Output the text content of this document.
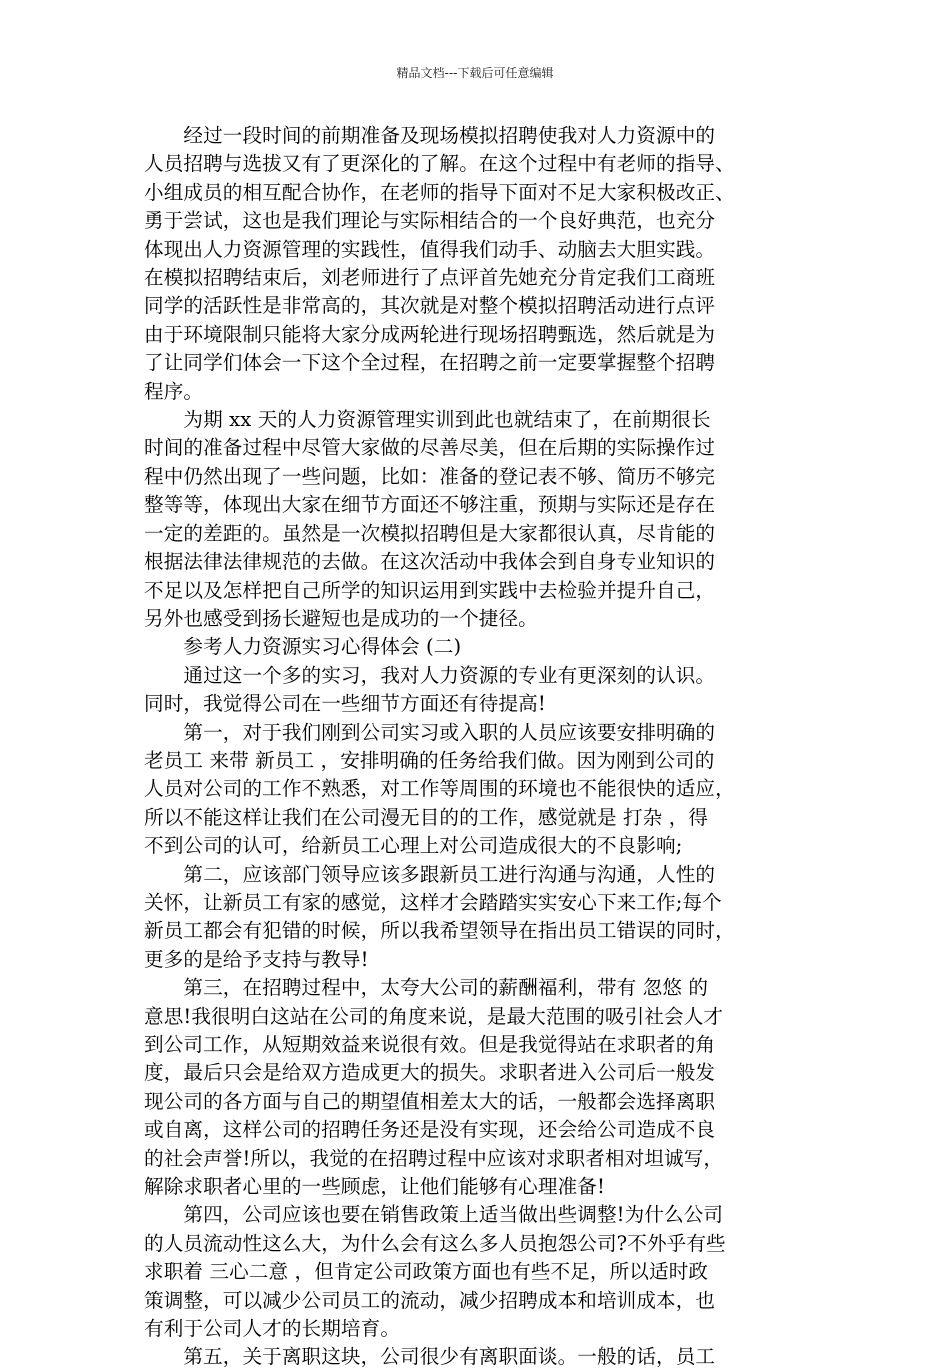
精品文档---下载后可任意编辑
　　经过一段时间的前期准备及现场模拟招聘使我对人力资源中的
人员招聘与选拔又有了更深化的了解。在这个过程中有老师的指导、
小组成员的相互配合协作，在老师的指导下面对不足大家积极改正、
勇于尝试，这也是我们理论与实际相结合的一个良好典范，也充分
体现出人力资源管理的实践性，值得我们动手、动脑去大胆实践。
在模拟招聘结束后，刘老师进行了点评首先她充分肯定我们工商班
同学的活跃性是非常高的，其次就是对整个模拟招聘活动进行点评
由于环境限制只能将大家分成两轮进行现场招聘甄选，然后就是为
了让同学们体会一下这个全过程，在招聘之前一定要掌握整个招聘
程序。
　　为期 xx 天的人力资源管理实训到此也就结束了，在前期很长
时间的准备过程中尽管大家做的尽善尽美，但在后期的实际操作过
程中仍然出现了一些问题，比如：准备的登记表不够、简历不够完
整等等，体现出大家在细节方面还不够注重，预期与实际还是存在
一定的差距的。虽然是一次模拟招聘但是大家都很认真，尽肯能的
根据法律法律规范的去做。在这次活动中我体会到自身专业知识的
不足以及怎样把自己所学的知识运用到实践中去检验并提升自己，
另外也感受到扬长避短也是成功的一个捷径。
　　参考人力资源实习心得体会 (二)
　　通过这一个多的实习，我对人力资源的专业有更深刻的认识。
同时，我觉得公司在一些细节方面还有待提高!
　　第一，对于我们刚到公司实习或入职的人员应该要安排明确的
老员工 来带 新员工 ，安排明确的任务给我们做。因为刚到公司的
人员对公司的工作不熟悉，对工作等周围的环境也不能很快的适应，
所以不能这样让我们在公司漫无目的的工作，感觉就是 打杂 ，得
不到公司的认可，给新员工心理上对公司造成很大的不良影响;
　　第二，应该部门领导应该多跟新员工进行沟通与沟通，人性的
关怀，让新员工有家的感觉，这样才会踏踏实实安心下来工作;每个
新员工都会有犯错的时候，所以我希望领导在指出员工错误的同时，
更多的是给予支持与教导!
　　第三，在招聘过程中，太夸大公司的薪酬福利，带有 忽悠 的
意思!我很明白这站在公司的角度来说，是最大范围的吸引社会人才
到公司工作，从短期效益来说很有效。但是我觉得站在求职者的角
度，最后只会是给双方造成更大的损失。求职者进入公司后一般发
现公司的各方面与自己的期望值相差太大的话，一般都会选择离职
或自离，这样公司的招聘任务还是没有实现，还会给公司造成不良
的社会声誉!所以，我觉的在招聘过程中应该对求职者相对坦诚写，
解除求职者心里的一些顾虑，让他们能够有心理准备!
　　第四，公司应该也要在销售政策上适当做出些调整!为什么公司
的人员流动性这么大，为什么会有这么多人员抱怨公司?不外乎有些
求职着 三心二意 ，但肯定公司政策方面也有些不足，所以适时政
策调整，可以减少公司员工的流动，减少招聘成本和培训成本，也
有利于公司人才的长期培育。
　　第五，关于离职这块，公司很少有离职面谈。一般的话，员工
